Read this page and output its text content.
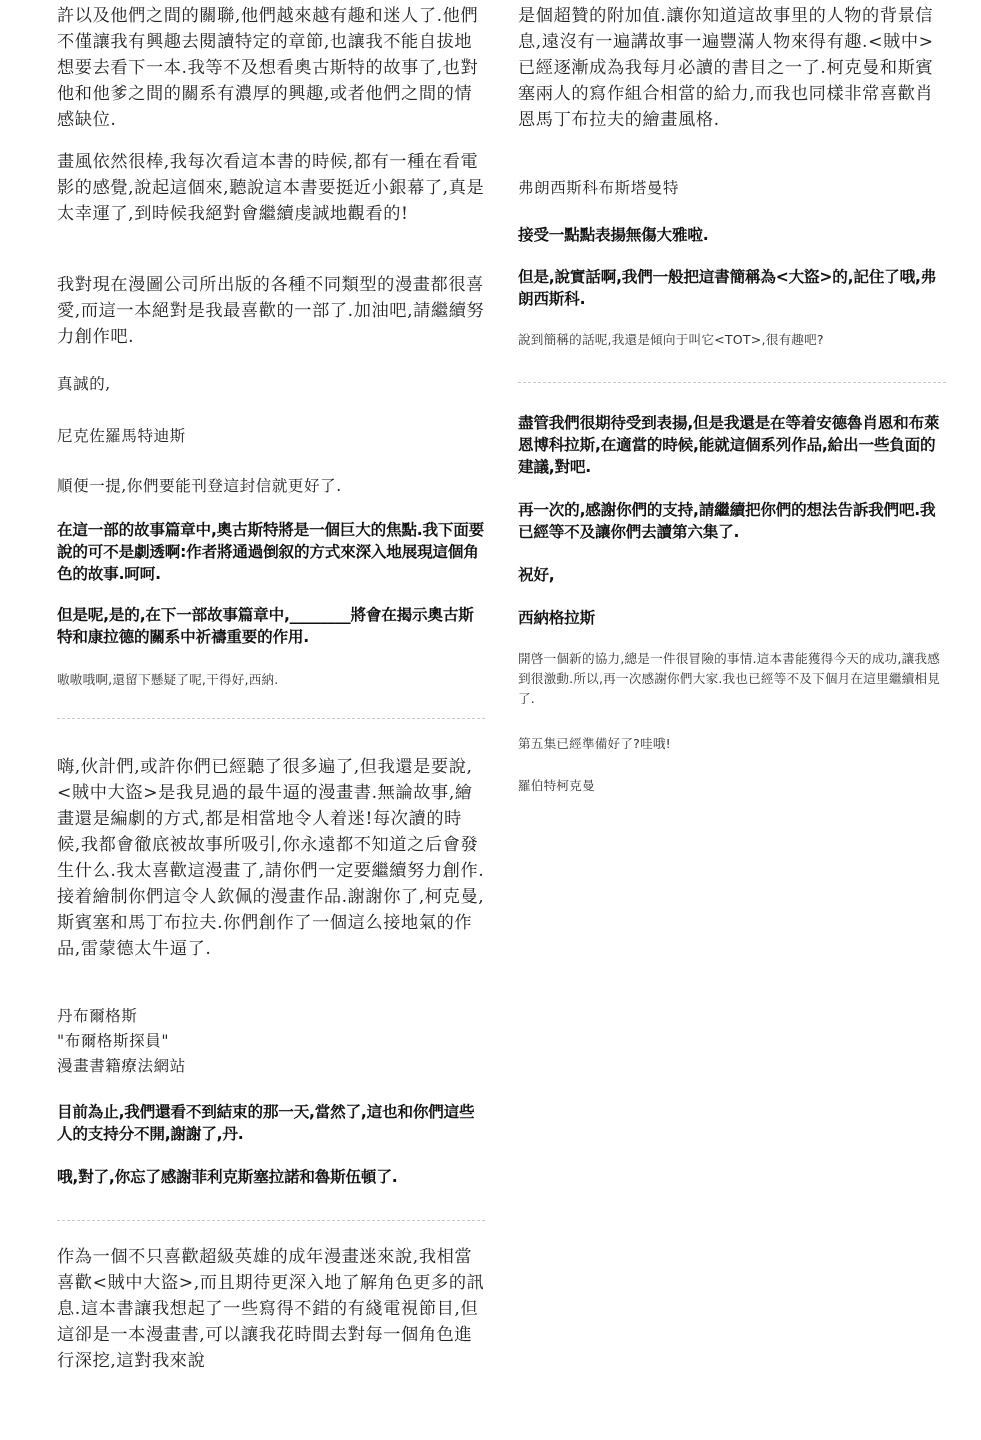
許以及他們之間的關聯,他們越來越有趣和迷人了.他們不僅讓我有興趣去閱讀特定的章節,也讓我不能自拔地想要去看下一本.我等不及想看奧古斯特的故事了,也對他和他爹之間的關系有濃厚的興趣,或者他們之間的情感缺位.

畫風依然很棒,我每次看這本書的時候,都有一種在看電影的感覺,說起這個來,聽說這本書要挺近小銀幕了,真是太幸運了,到時候我絕對會繼續虔誠地觀看的!

我對現在漫圖公司所出版的各種不同類型的漫畫都很喜愛,而這一本絕對是我最喜歡的一部了.加油吧,請繼續努力創作吧.

真誠的,

尼克佐羅馬特迪斯

順便一提,你們要能刊登這封信就更好了.

在這一部的故事篇章中,奧古斯特將是一個巨大的焦點.我下面要說的可不是劇透啊:作者將通過倒叙的方式來深入地展現這個角色的故事.呵呵.

但是呢,是的,在下一部故事篇章中,________將會在揭示奧古斯特和康拉德的關系中祈禱重要的作用.

嗷嗷哦啊,還留下懸疑了呢,干得好,西納.

嗨,伙計們,或許你們已經聽了很多遍了,但我還是要說,<賊中大盜>是我見過的最牛逼的漫畫書.無論故事,繪畫還是編劇的方式,都是相當地令人着迷!每次讀的時候,我都會徹底被故事所吸引,你永遠都不知道之后會發生什么.我太喜歡這漫畫了,請你們一定要繼續努力創作.接着繪制你們這令人欽佩的漫畫作品.謝謝你了,柯克曼,斯賓塞和馬丁布拉夫.你們創作了一個這么接地氣的作品,雷蒙德太牛逼了.

丹布爾格斯

"布爾格斯探員"

漫畫書籍療法網站

目前為止,我們還看不到結束的那一天,當然了,這也和你們這些人的支持分不開,謝謝了,丹.

哦,對了,你忘了感謝菲利克斯塞拉諾和魯斯伍頓了.

作為一個不只喜歡超級英雄的成年漫畫迷來說,我相當喜歡<賊中大盜>,而且期待更深入地了解角色更多的訊息.這本書讓我想起了一些寫得不錯的有綫電視節目,但這卻是一本漫畫書,可以讓我花時間去對每一個角色進行深挖,這對我來說

是個超贊的附加值.讓你知道這故事里的人物的背景信息,遠沒有一遍講故事一遍豐滿人物來得有趣.<賊中>已經逐漸成為我每月必讀的書目之一了.柯克曼和斯賓塞兩人的寫作組合相當的給力,而我也同樣非常喜歡肖恩馬丁布拉夫的繪畫風格.

弗朗西斯科布斯塔曼特

接受一點點表揚無傷大雅啦.

但是,說實話啊,我們一般把這書簡稱為<大盜>的,記住了哦,弗朗西斯科.

說到簡稱的話呢,我還是傾向于叫它<TOT>,很有趣吧?

盡管我們很期待受到表揚,但是我還是在等着安德魯肖恩和布萊恩博科拉斯,在適當的時候,能就這個系列作品,給出一些負面的建議,對吧.

再一次的,感謝你們的支持,請繼續把你們的想法告訴我們吧.我已經等不及讓你們去讀第六集了.

祝好,

西納格拉斯

開啓一個新的協力,總是一件很冒險的事情.這本書能獲得今天的成功,讓我感到很激動.所以,再一次感謝你們大家.我也已經等不及下個月在這里繼續相見了.

第五集已經準備好了?哇哦!

羅伯特柯克曼
